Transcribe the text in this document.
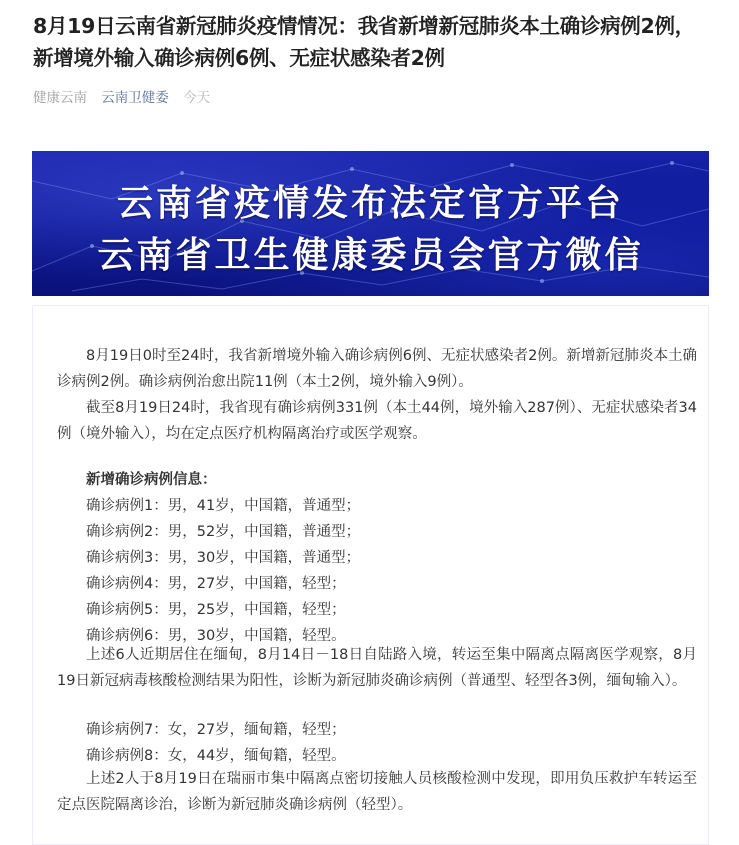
8月19日云南省新冠肺炎疫情情况：我省新增新冠肺炎本土确诊病例2例，新增境外输入确诊病例6例、无症状感染者2例
健康云南 云南卫健委 今天
云南省疫情发布法定官方平台
云南省卫生健康委员会官方微信

8月19日0时至24时，我省新增境外输入确诊病例6例、无症状感染者2例。新增新冠肺炎本土确诊病例2例。确诊病例治愈出院11例（本土2例，境外输入9例）。

截至8月19日24时，我省现有确诊病例331例（本土44例，境外输入287例）、无症状感染者34例（境外输入），均在定点医疗机构隔离治疗或医学观察。

新增确诊病例信息：
确诊病例1：男，41岁，中国籍，普通型；
确诊病例2：男，52岁，中国籍，普通型；
确诊病例3：男，30岁，中国籍，普通型；
确诊病例4：男，27岁，中国籍，轻型；
确诊病例5：男，25岁，中国籍，轻型；
确诊病例6：男，30岁，中国籍，轻型。

上述6人近期居住在缅甸，8月14日－18日自陆路入境，转运至集中隔离点隔离医学观察，8月19日新冠病毒核酸检测结果为阳性，诊断为新冠肺炎确诊病例（普通型、轻型各3例，缅甸输入）。

确诊病例7：女，27岁，缅甸籍，轻型；
确诊病例8：女，44岁，缅甸籍，轻型。

上述2人于8月19日在瑞丽市集中隔离点密切接触人员核酸检测中发现，即用负压救护车转运至定点医院隔离诊治，诊断为新冠肺炎确诊病例（轻型）。
